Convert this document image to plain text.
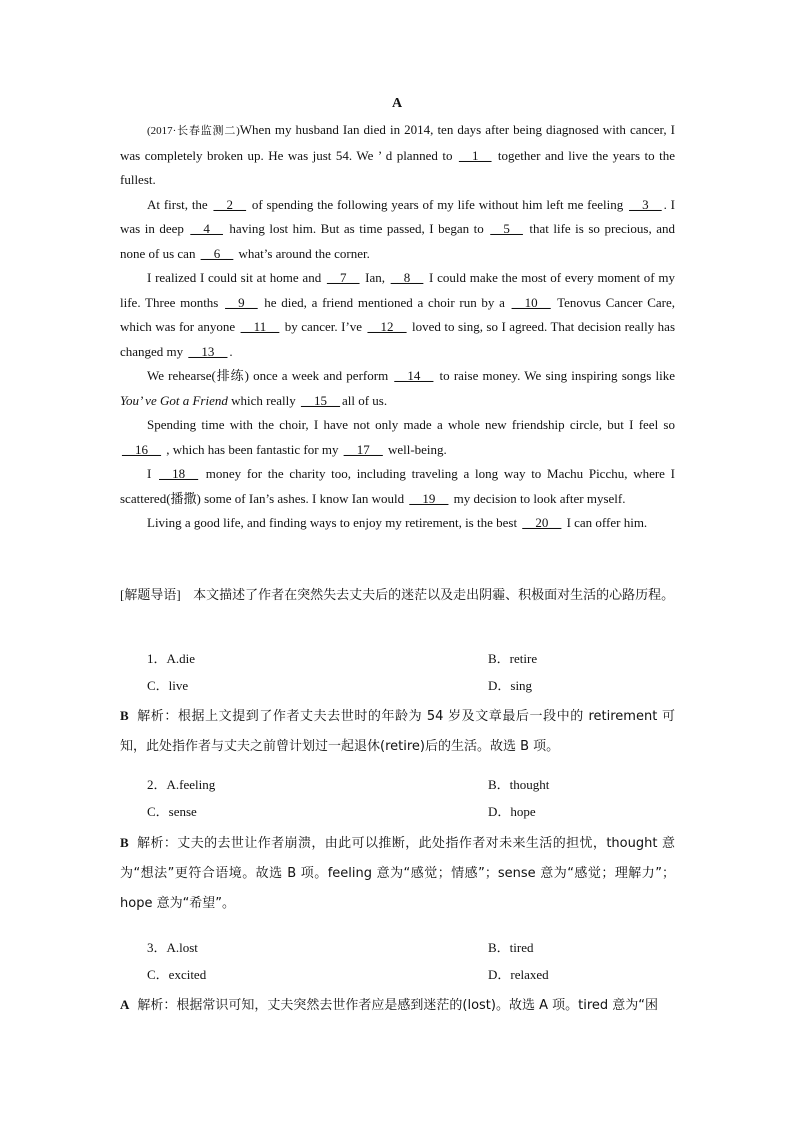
A

(2017·长春监测二)When my husband Ian died in 2014, ten days after being diagnosed with cancer, I was completely broken up. He was just 54. We ’ d planned to __1__ together and live the years to the fullest.

At first, the __2__ of spending the following years of my life without him left me feeling __3__ . I was in deep __4__ having lost him. But as time passed, I began to __5__ that life is so precious, and none of us can __6__ what’s around the corner.

I realized I could sit at home and __7__ Ian, __8__ I could make the most of every moment of my life. Three months __9__ he died, a friend mentioned a choir run by a __10__ Tenovus Cancer Care, which was for anyone __11__ by cancer. I’ve __12__ loved to sing, so I agreed. That decision really has changed my __13__ .

We rehearse(排练) once a week and perform __14__ to raise money. We sing inspiring songs like You’ ve Got a Friend which really __15__ all of us.

Spending time with the choir, I have not only made a whole new friendship circle, but I feel so __16__ , which has been fantastic for my __17__ well-being.

I __18__ money for the charity too, including traveling a long way to Machu Picchu, where I scattered(播撒) some of Ian’s ashes. I know Ian would __19__ my decision to look after myself.

Living a good life, and finding ways to enjoy my retirement, is the best __20__ I can offer him.

[解题导语] 本文描述了作者在突然失去丈夫后的迷茫以及走出阴霾、积极面对生活的心路历程。
1．A.die	B．retire
C．live	D．sing
B 解析：根据上文提到了作者丈夫去世时的年龄为 54 岁及文章最后一段中的 retirement 可知，此处指作者与丈夫之前曾计划过一起退休(retire)后的生活。故选 B 项。
2．A.feeling	B．thought
C．sense	D．hope
B 解析：丈夫的去世让作者崩溃，由此可以推断，此处指作者对未来生活的担忧，thought 意为“想法”更符合语境。故选 B 项。feeling 意为“感觉；情感”；sense 意为“感觉；理解力”；hope 意为“希望”。
3．A.lost	B．tired
C．excited	D．relaxed
A 解析：根据常识可知，丈夫突然去世作者应是感到迷茫的(lost)。故选 A 项。tired 意为“困
